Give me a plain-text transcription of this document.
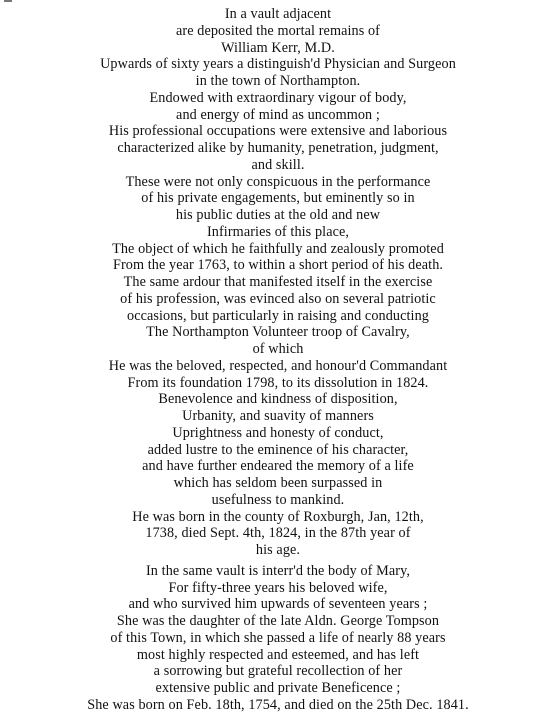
In a vault adjacent
are deposited the mortal remains of
William Kerr, M.D.
Upwards of sixty years a distinguish'd Physician and Surgeon
in the town of Northampton.
Endowed with extraordinary vigour of body,
and energy of mind as uncommon ;
His professional occupations were extensive and laborious
characterized alike by humanity, penetration, judgment,
and skill.
These were not only conspicuous in the performance
of his private engagements, but eminently so in
his public duties at the old and new
Infirmaries of this place,
The object of which he faithfully and zealously promoted
From the year 1763, to within a short period of his death.
The same ardour that manifested itself in the exercise
of his profession, was evinced also on several patriotic
occasions, but particularly in raising and conducting
The Northampton Volunteer troop of Cavalry,
of which
He was the beloved, respected, and honour'd Commandant
From its foundation 1798, to its dissolution in 1824.
Benevolence and kindness of disposition,
Urbanity, and suavity of manners
Uprightness and honesty of conduct,
added lustre to the eminence of his character,
and have further endeared the memory of a life
which has seldom been surpassed in
usefulness to mankind.
He was born in the county of Roxburgh, Jan, 12th,
1738, died Sept. 4th, 1824, in the 87th year of
his age.
In the same vault is interr'd the body of Mary,
For fifty-three years his beloved wife,
and who survived him upwards of seventeen years ;
She was the daughter of the late Aldn. George Tompson
of this Town, in which she passed a life of nearly 88 years
most highly respected and esteemed, and has left
a sorrowing but grateful recollection of her
extensive public and private Beneficence ;
She was born on Feb. 18th, 1754, and died on the 25th Dec. 1841.
